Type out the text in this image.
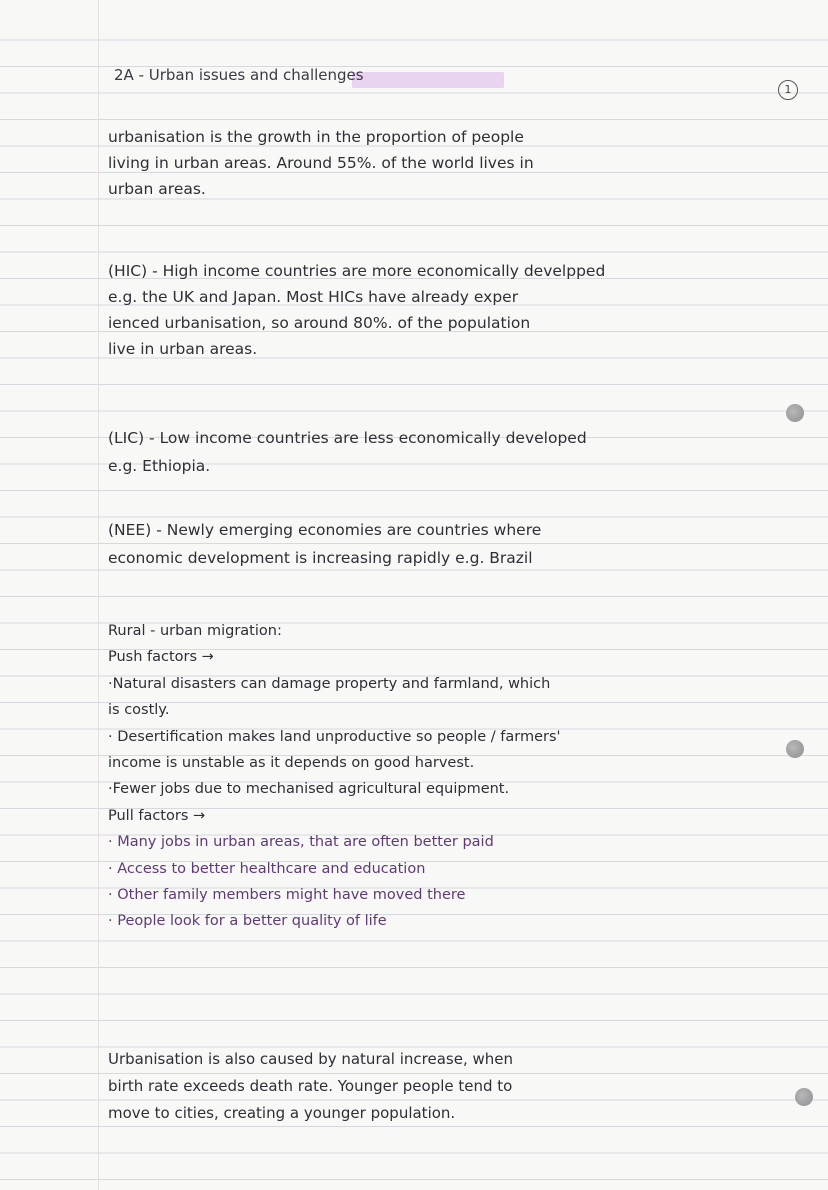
1
2A - Urban issues and challenges
urbanisation is the growth in the proportion of people
living in urban areas. Around 55%. of the world lives in
urban areas.
(HIC) - High income countries are more economically develpped
e.g. the UK and Japan. Most HICs have already exper
ienced urbanisation, so around 80%. of the population
live in urban areas.
(LIC) - Low income countries are less economically developed
e.g. Ethiopia.
(NEE) - Newly emerging economies are countries where
economic development is increasing rapidly e.g. Brazil
Rural - urban migration:
Push factors →
·Natural disasters can damage property and farmland, which
is costly.
· Desertification makes land unproductive so people / farmers'
income is unstable as it depends on good harvest.
·Fewer jobs due to mechanised agricultural equipment.
Pull factors →
· Many jobs in urban areas, that are often better paid
· Access to better healthcare and education
· Other family members might have moved there
· People look for a better quality of life
Urbanisation is also caused by natural increase, when
birth rate exceeds death rate. Younger people tend to
move to cities, creating a younger population.
